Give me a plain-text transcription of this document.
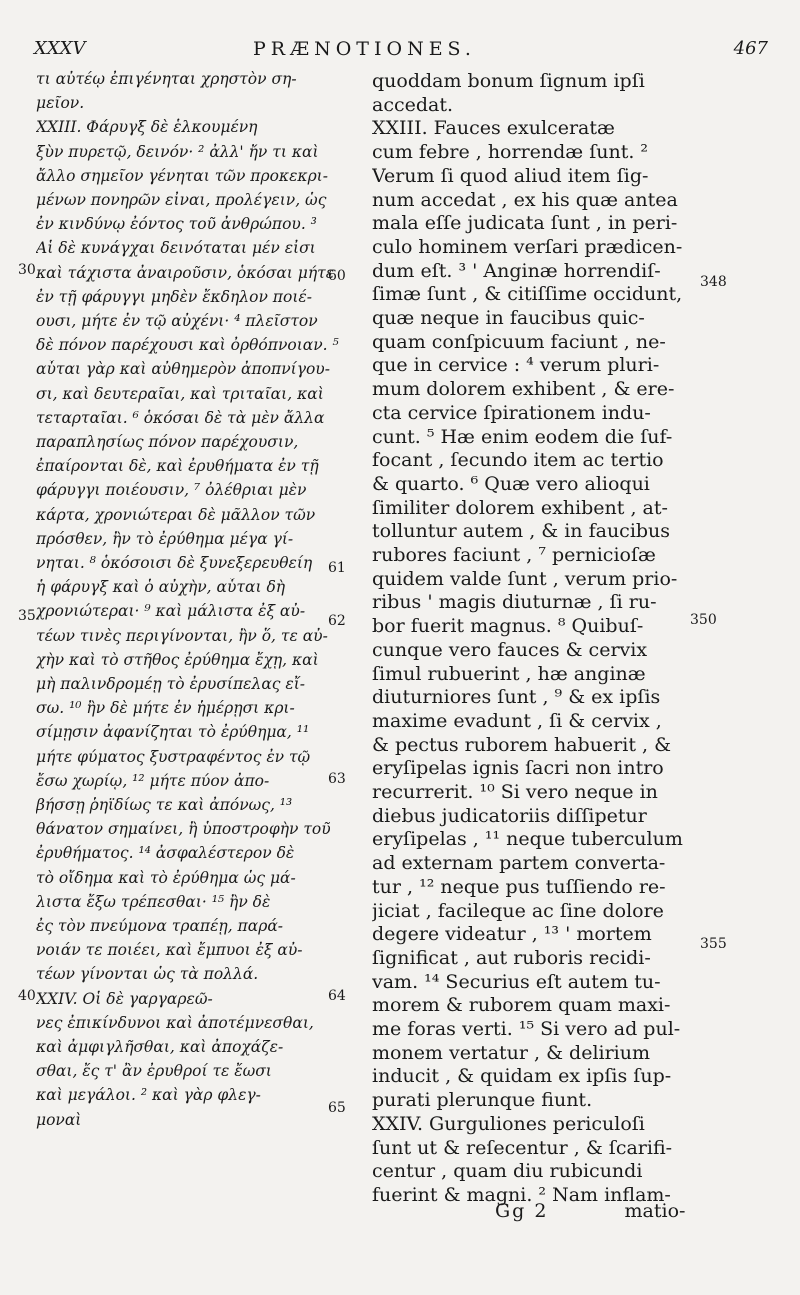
XXXV	PRÆNOTIONES.	467
τι αὐτέῳ ἐπιγένηται χρηστὸν ση-
μεῖον.
XXIII. Φάρυγξ δὲ ἑλκουμένη
ξὺν πυρετῷ, δεινόν· ² ἀλλ' ἤν τι καὶ
ἄλλο σημεῖον γένηται τῶν προκεκρι-
μένων πονηρῶν εἶναι, προλέγειν, ὡς
ἐν κινδύνῳ ἐόντος τοῦ ἀνθρώπου. ³
Αἱ δὲ κυνάγχαι δεινόταται μέν εἰσι
καὶ τάχιστα ἀναιροῦσιν, ὁκόσαι μήτε
ἐν τῇ φάρυγγι μηδὲν ἔκδηλον ποιέ-
ουσι, μήτε ἐν τῷ αὐχένι· ⁴ πλεῖστον
δὲ πόνον παρέχουσι καὶ ὀρθόπνοιαν. ⁵
αὗται γὰρ καὶ αὐθημερὸν ἀποπνίγου-
σι, καὶ δευτεραῖαι, καὶ τριταῖαι, καὶ
τεταρταῖαι. ⁶ ὁκόσαι δὲ τὰ μὲν ἄλλα
παραπλησίως πόνον παρέχουσιν,
ἐπαίρονται δὲ, καὶ ἐρυθήματα ἐν τῇ
φάρυγγι ποιέουσιν, ⁷ ὀλέθριαι μὲν
κάρτα, χρονιώτεραι δὲ μᾶλλον τῶν
πρόσθεν, ἢν τὸ ἐρύθημα μέγα γί-
νηται. ⁸ ὁκόσοισι δὲ ξυνεξερευθείη
ἡ φάρυγξ καὶ ὁ αὐχὴν, αὗται δὴ
χρονιώτεραι· ⁹ καὶ μάλιστα ἐξ αὐ-
τέων τινὲς περιγίνονται, ἢν ὅ, τε αὐ-
χὴν καὶ τὸ στῆθος ἐρύθημα ἔχῃ, καὶ
μὴ παλινδρομέῃ τὸ ἐρυσίπελας εἴ-
σω. ¹⁰ ἢν δὲ μήτε ἐν ἡμέρῃσι κρι-
σίμῃσιν ἀφανίζηται τὸ ἐρύθημα, ¹¹
μήτε φύματος ξυστραφέντος ἐν τῷ
ἔσω χωρίῳ, ¹² μήτε πύον ἀπο-
βήσσῃ ῥηϊδίως τε καὶ ἀπόνως, ¹³
θάνατον σημαίνει, ἢ ὑποστροφὴν τοῦ
ἐρυθήματος. ¹⁴ ἀσφαλέστερον δὲ
τὸ οἴδημα καὶ τὸ ἐρύθημα ὡς μά-
λιστα ἔξω τρέπεσθαι· ¹⁵ ἢν δὲ
ἐς τὸν πνεύμονα τραπέῃ, παρά-
νοιάν τε ποιέει, καὶ ἔμπυοι ἐξ αὐ-
τέων γίνονται ὡς τὰ πολλά.
XXIV. Οἱ δὲ γαργαρεῶ-
νες ἐπικίνδυνοι καὶ ἀποτέμνεσθαι,
καὶ ἀμφιγλῆσθαι, καὶ ἀποχάζε-
σθαι, ἔς τ' ἂν ἐρυθροί τε ἔωσι
καὶ μεγάλοι. ² καὶ γὰρ φλεγ-
μοναὶ
quoddam bonum ſignum ipſi
accedat.
XXIII. Fauces exulceratæ
cum febre , horrendæ ſunt. ²
Verum ſi quod aliud item ſig-
num accedat , ex his quæ antea
mala eſſe judicata ſunt , in peri-
culo hominem verſari prædicen-
dum eſt. ³ ' Anginæ horrendiſ-
ſimæ ſunt , & citiſſime occidunt,
quæ neque in faucibus quic-
quam conſpicuum faciunt , ne-
que in cervice : ⁴ verum pluri-
mum dolorem exhibent , & ere-
cta cervice ſpirationem indu-
cunt. ⁵ Hæ enim eodem die ſuf-
focant , ſecundo item ac tertio
& quarto. ⁶ Quæ vero alioqui
ſimiliter dolorem exhibent , at-
tolluntur autem , & in faucibus
rubores faciunt , ⁷ pernicioſæ
quidem valde ſunt , verum prio-
ribus ' magis diuturnæ , ſi ru-
bor fuerit magnus. ⁸ Quibuſ-
cunque vero fauces & cervix
ſimul rubuerint , hæ anginæ
diuturniores ſunt , ⁹ & ex ipſis
maxime evadunt , ſi & cervix ,
& pectus ruborem habuerit , &
eryſipelas ignis ſacri non intro
recurrerit. ¹⁰ Si vero neque in
diebus judicatoriis diſſipetur
eryſipelas , ¹¹ neque tuberculum
ad externam partem converta-
tur , ¹² neque pus tuſſiendo re-
jiciat , facileque ac ſine dolore
degere videatur , ¹³ ' mortem
ſignificat , aut ruboris recidi-
vam. ¹⁴ Securius eſt autem tu-
morem & ruborem quam maxi-
me foras verti. ¹⁵ Si vero ad pul-
monem vertatur , & delirium
inducit , & quidam ex ipſis ſup-
purati plerunque fiunt.
XXIV. Gurguliones periculoſi
ſunt ut & reſecentur , & ſcarifi-
centur , quam diu rubicundi
fuerint & magni. ² Nam inflam-
30
35
40
60
61
62
63
64
65
348
350
355
Gg 2	matio-
